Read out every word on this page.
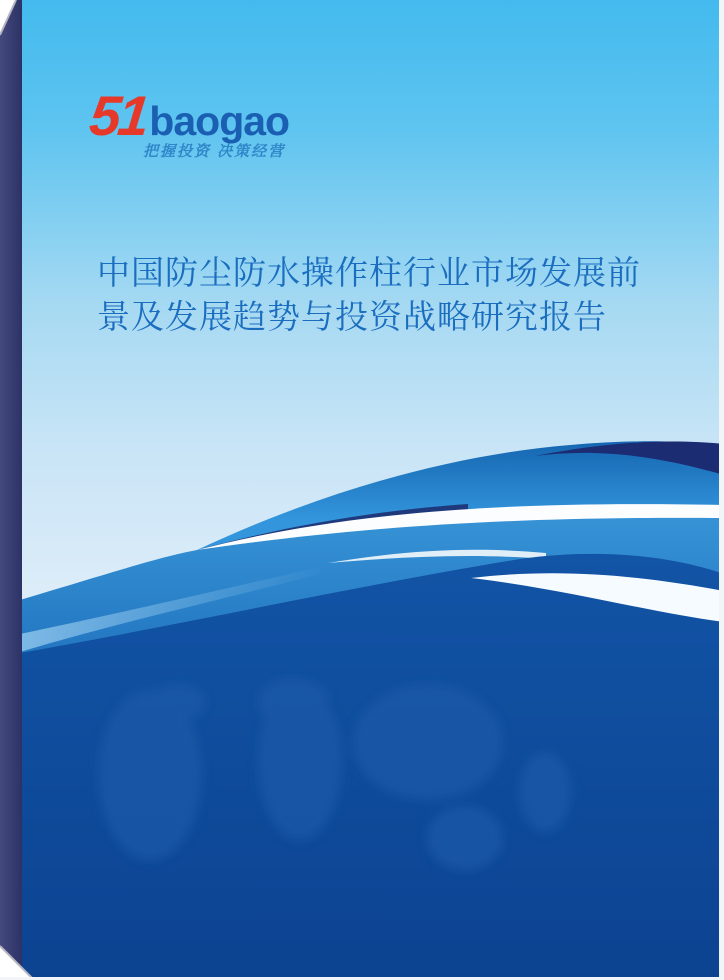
51 baogao
把握投资 决策经营
中国防尘防水操作柱行业市场发展前
景及发展趋势与投资战略研究报告
